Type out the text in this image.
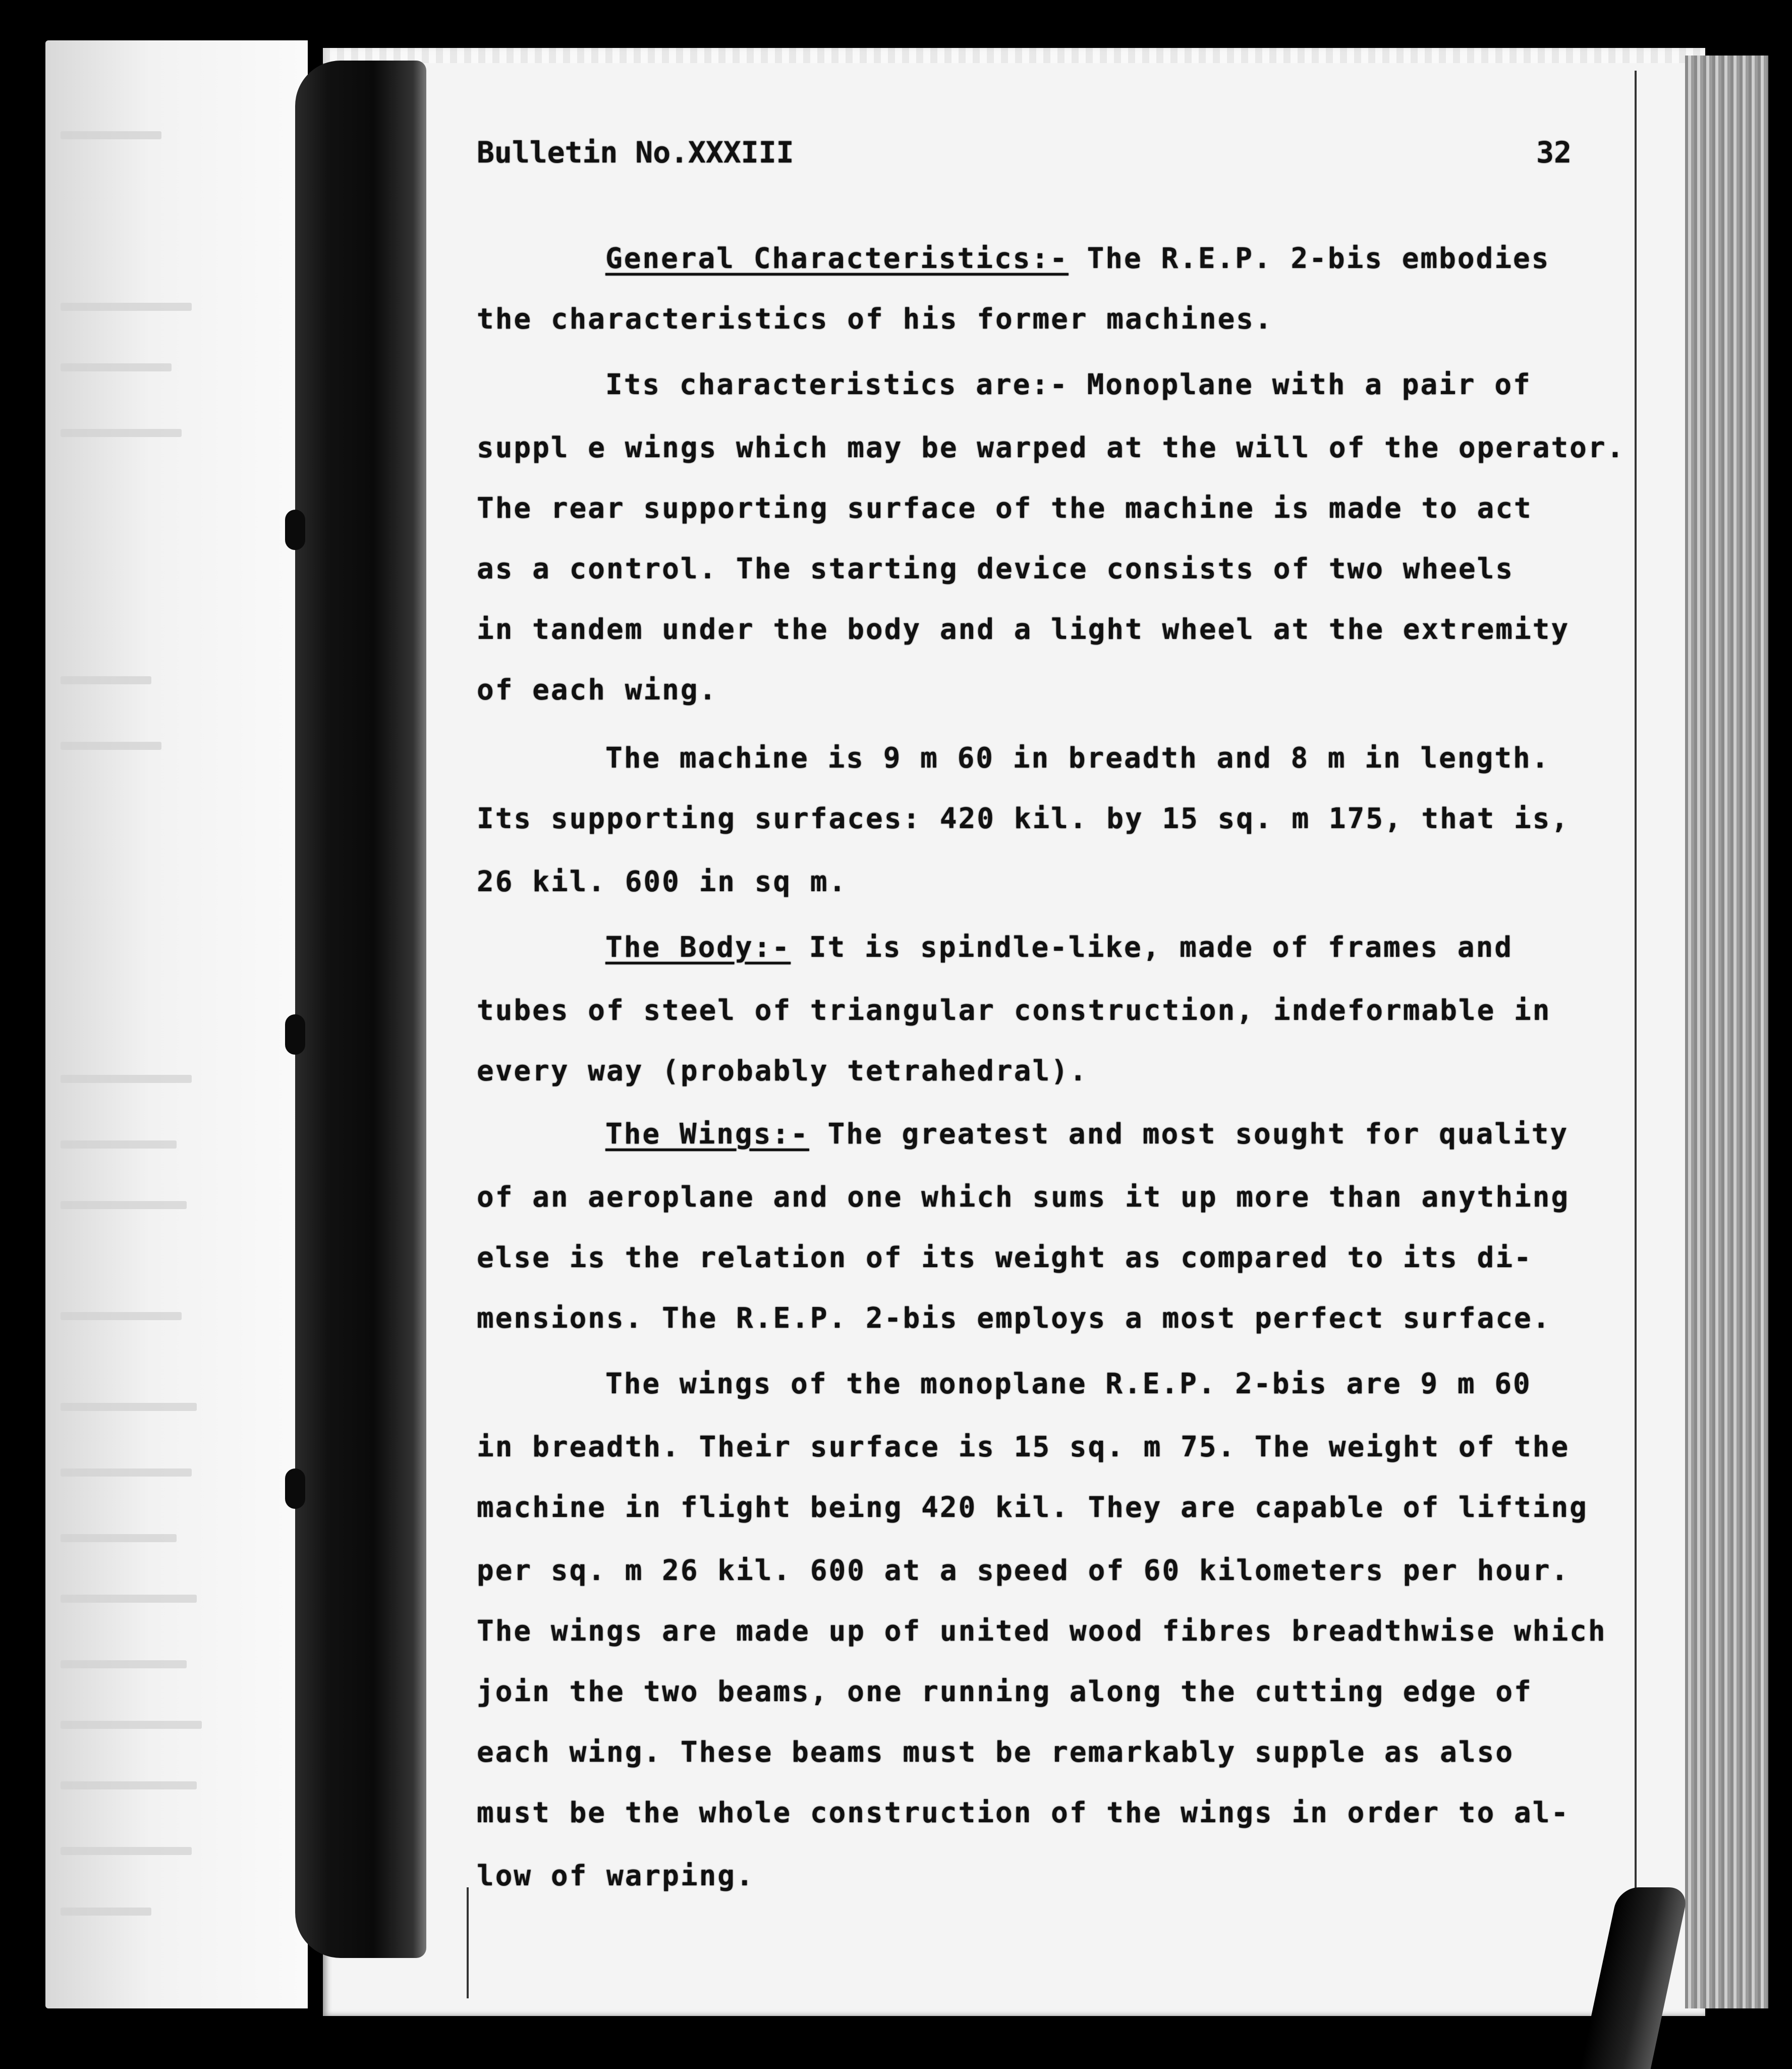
Bulletin No.XXXIII	32

General Characteristics:- The R.E.P. 2-bis embodies

the characteristics of his former machines.

Its characteristics are:- Monoplane with a pair of

suppl e wings which may be warped at the will of the operator.

The rear supporting surface of the machine is made to act

as a control. The starting device consists of two wheels

in tandem under the body and a light wheel at the extremity

of each wing.

The machine is 9 m 60 in breadth and 8 m in length.

Its supporting surfaces: 420 kil. by 15 sq. m 175, that is,

26 kil. 600 in sq m.

The Body:- It is spindle-like, made of frames and

tubes of steel of triangular construction, indeformable in

every way (probably tetrahedral).

The Wings:- The greatest and most sought for quality

of an aeroplane and one which sums it up more than anything

else is the relation of its weight as compared to its di-

mensions. The R.E.P. 2-bis employs a most perfect surface.

The wings of the monoplane R.E.P. 2-bis are 9 m 60

in breadth. Their surface is 15 sq. m 75. The weight of the

machine in flight being 420 kil. They are capable of lifting

per sq. m 26 kil. 600 at a speed of 60 kilometers per hour.

The wings are made up of united wood fibres breadthwise which

join the two beams, one running along the cutting edge of

each wing. These beams must be remarkably supple as also

must be the whole construction of the wings in order to al-

low of warping.
